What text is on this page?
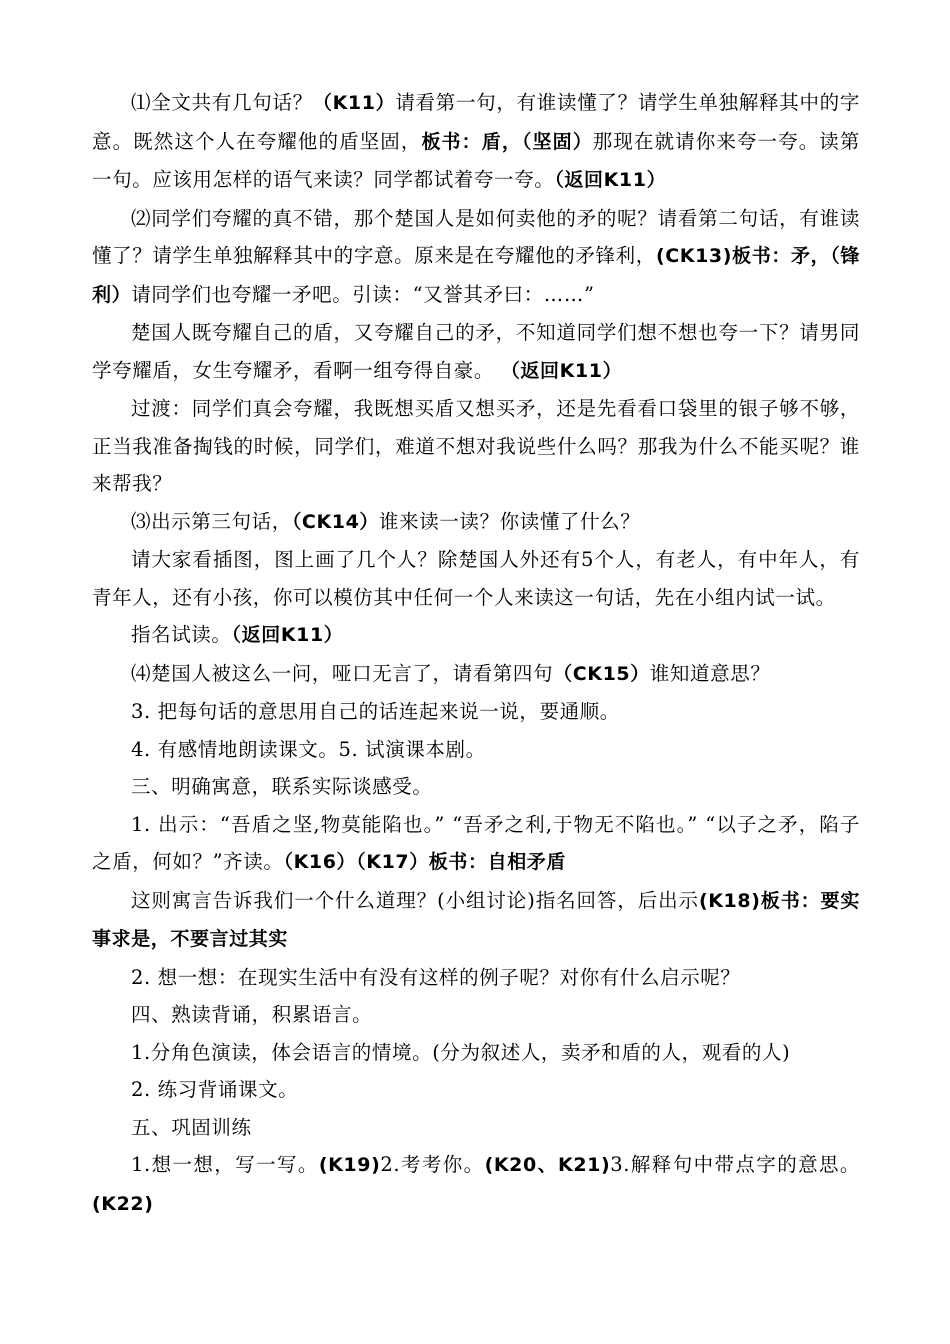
⑴全文共有几句话？（K11）请看第一句，有谁读懂了？请学生单独解释其中的字意。既然这个人在夸耀他的盾坚固，板书：盾，（坚固）那现在就请你来夸一夸。读第一句。应该用怎样的语气来读？同学都试着夸一夸。（返回K11）

⑵同学们夸耀的真不错，那个楚国人是如何卖他的矛的呢？请看第二句话，有谁读懂了？请学生单独解释其中的字意。原来是在夸耀他的矛锋利，(CK13)板书：矛，（锋利）请同学们也夸耀一矛吧。引读：“又誉其矛曰：……”

楚国人既夸耀自己的盾，又夸耀自己的矛，不知道同学们想不想也夸一下？请男同学夸耀盾，女生夸耀矛，看啊一组夸得自豪。 （返回K11）

过渡：同学们真会夸耀，我既想买盾又想买矛，还是先看看口袋里的银子够不够，正当我准备掏钱的时候，同学们，难道不想对我说些什么吗？那我为什么不能买呢？谁来帮我？

⑶出示第三句话，（CK14）谁来读一读？你读懂了什么？

请大家看插图，图上画了几个人？除楚国人外还有5个人，有老人，有中年人，有青年人，还有小孩，你可以模仿其中任何一个人来读这一句话，先在小组内试一试。

指名试读。（返回K11）

⑷楚国人被这么一问，哑口无言了，请看第四句（CK15）谁知道意思？

3. 把每句话的意思用自己的话连起来说一说，要通顺。

4. 有感情地朗读课文。5. 试演课本剧。

三、明确寓意，联系实际谈感受。

1. 出示：“吾盾之坚,物莫能陷也。” “吾矛之利,于物无不陷也。” “以子之矛，陷子之盾，何如？”齐读。（K16）（K17）板书：自相矛盾

这则寓言告诉我们一个什么道理？(小组讨论)指名回答，后出示(K18)板书：要实事求是，不要言过其实

2. 想一想：在现实生活中有没有这样的例子呢？对你有什么启示呢？

四、熟读背诵，积累语言。

1.分角色演读，体会语言的情境。(分为叙述人，卖矛和盾的人，观看的人)

2. 练习背诵课文。

五、巩固训练

1.想一想，写一写。(K19)2.考考你。(K20、K21)3.解释句中带点字的意思。(K22)
